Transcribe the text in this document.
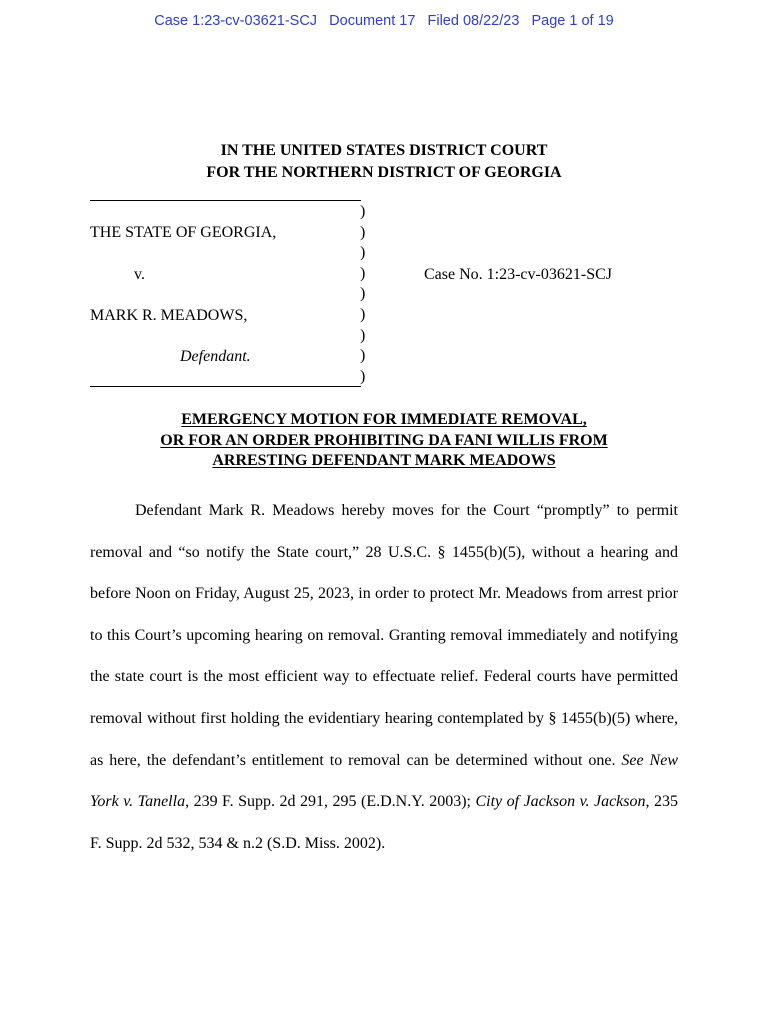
Case 1:23-cv-03621-SCJ Document 17 Filed 08/22/23 Page 1 of 19
IN THE UNITED STATES DISTRICT COURT
FOR THE NORTHERN DISTRICT OF GEORGIA
THE STATE OF GEORGIA,
v.
MARK R. MEADOWS,
Defendant.
Case No. 1:23-cv-03621-SCJ
)
)
)
)
)
)
)
)
)
EMERGENCY MOTION FOR IMMEDIATE REMOVAL,
OR FOR AN ORDER PROHIBITING DA FANI WILLIS FROM
ARRESTING DEFENDANT MARK MEADOWS

Defendant Mark R. Meadows hereby moves for the Court “promptly” to permit removal and “so notify the State court,” 28 U.S.C. § 1455(b)(5), without a hearing and before Noon on Friday, August 25, 2023, in order to protect Mr. Meadows from arrest prior to this Court’s upcoming hearing on removal. Granting removal immediately and notifying the state court is the most efficient way to effectuate relief. Federal courts have permitted removal without first holding the evidentiary hearing contemplated by § 1455(b)(5) where, as here, the defendant’s entitlement to removal can be determined without one. See New York v. Tanella, 239 F. Supp. 2d 291, 295 (E.D.N.Y. 2003); City of Jackson v. Jackson, 235 F. Supp. 2d 532, 534 & n.2 (S.D. Miss. 2002).
